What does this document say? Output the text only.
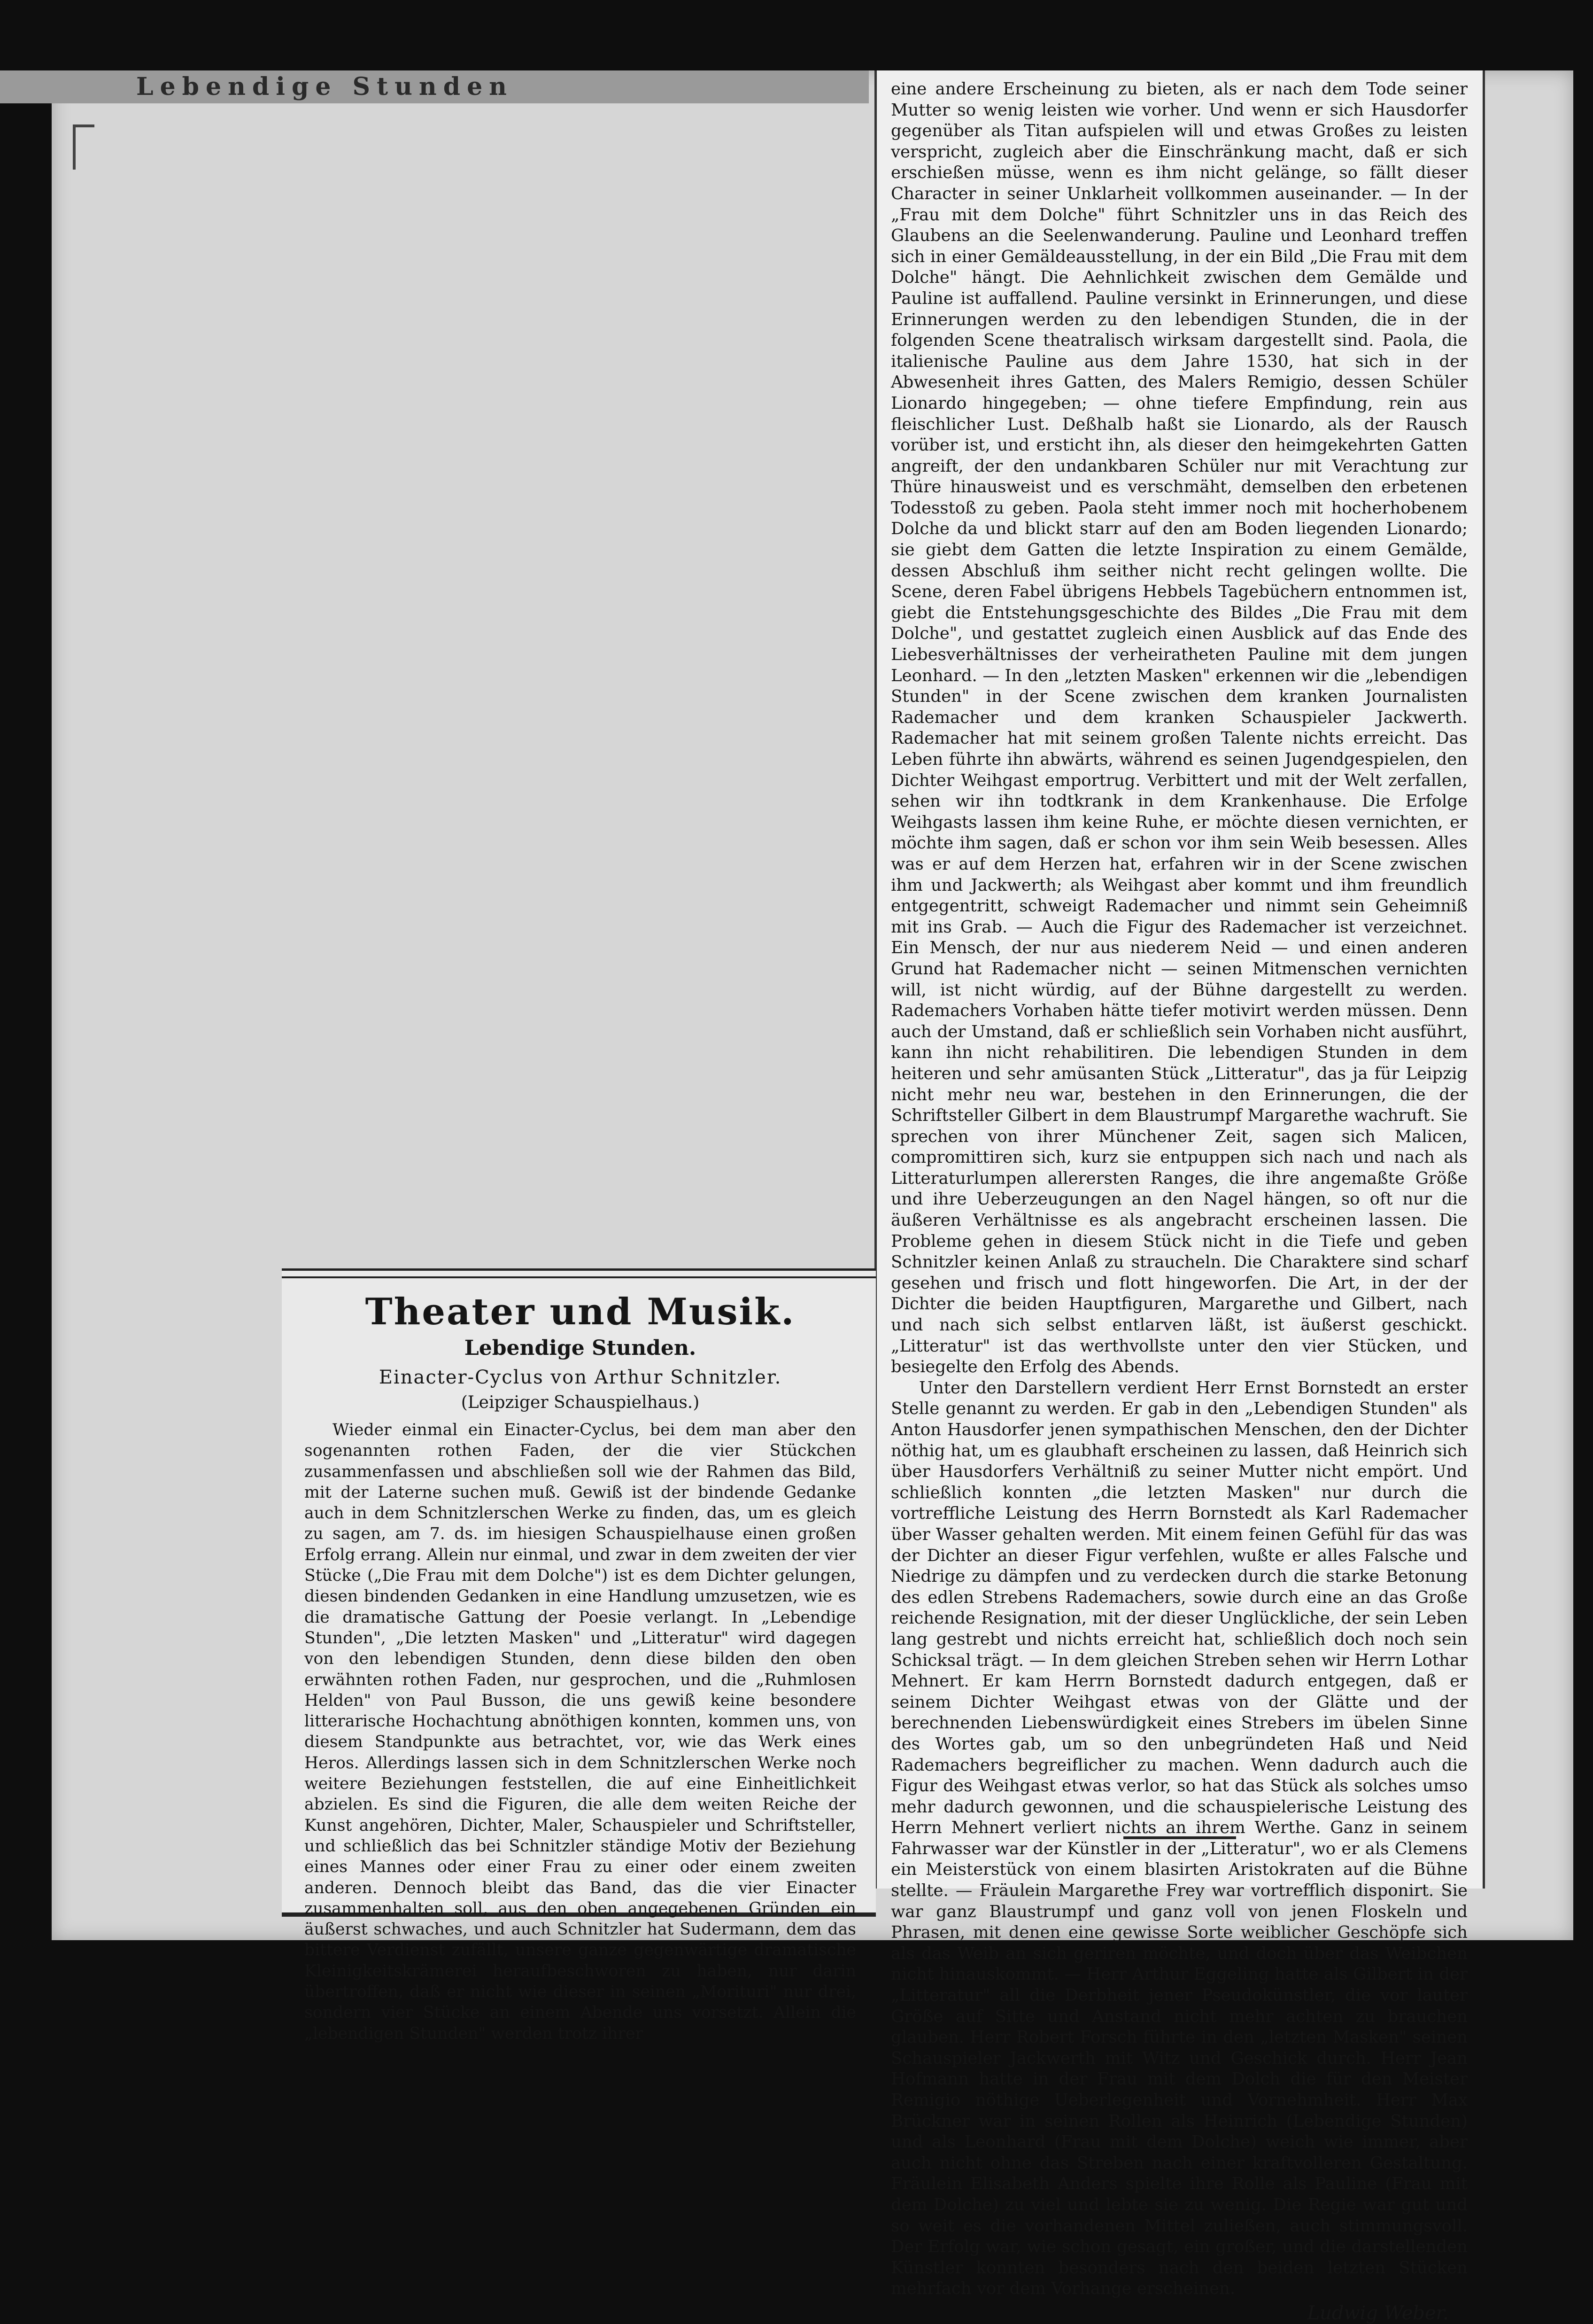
Lebendige Stunden	eine andere Erscheinung zu bieten, als er nach dem Tode seiner Mutter so wenig leisten wie vorher. Und wenn er sich Hausdorfer gegenüber als Titan aufspielen will und etwas Großes zu leisten verspricht, zugleich aber die Einschränkung macht, daß er sich erschießen müsse, wenn es ihm nicht gelänge, so fällt dieser Character in seiner Unklarheit vollkommen auseinander. — In der „Frau mit dem Dolche" führt Schnitzler uns in das Reich des Glaubens an die Seelenwanderung. Pauline und Leonhard treffen sich in einer Gemäldeausstellung, in der ein Bild „Die Frau mit dem Dolche" hängt. Die Aehnlichkeit zwischen dem Gemälde und Pauline ist auffallend. Pauline versinkt in Erinnerungen, und diese Erinnerungen werden zu den lebendigen Stunden, die in der folgenden Scene theatralisch wirksam dargestellt sind. Paola, die italienische Pauline aus dem Jahre 1530, hat sich in der Abwesenheit ihres Gatten, des Malers Remigio, dessen Schüler Lionardo hingegeben; — ohne tiefere Empfindung, rein aus fleischlicher Lust. Deßhalb haßt sie Lionardo, als der Rausch vorüber ist, und ersticht ihn, als dieser den heimgekehrten Gatten angreift, der den undankbaren Schüler nur mit Verachtung zur Thüre hinausweist und es verschmäht, demselben den erbetenen Todesstoß zu geben. Paola steht immer noch mit hocherhobenem Dolche da und blickt starr auf den am Boden liegenden Lionardo; sie giebt dem Gatten die letzte Inspiration zu einem Gemälde, dessen Abschluß ihm seither nicht recht gelingen wollte. Die Scene, deren Fabel übrigens Hebbels Tagebüchern entnommen ist, giebt die Entstehungsgeschichte des Bildes „Die Frau mit dem Dolche", und gestattet zugleich einen Ausblick auf das Ende des Liebesverhältnisses der verheiratheten Pauline mit dem jungen Leonhard. — In den „letzten Masken" erkennen wir die „lebendigen Stunden" in der Scene zwischen dem kranken Journalisten Rademacher und dem kranken Schauspieler Jackwerth. Rademacher hat mit seinem großen Talente nichts erreicht. Das Leben führte ihn abwärts, während es seinen Jugendgespielen, den Dichter Weihgast emportrug. Verbittert und mit der Welt zerfallen, sehen wir ihn todtkrank in dem Krankenhause. Die Erfolge Weihgasts lassen ihm keine Ruhe, er möchte diesen vernichten, er möchte ihm sagen, daß er schon vor ihm sein Weib besessen. Alles was er auf dem Herzen hat, erfahren wir in der Scene zwischen ihm und Jackwerth; als Weihgast aber kommt und ihm freundlich entgegentritt, schweigt Rademacher und nimmt sein Geheimniß mit ins Grab. — Auch die Figur des Rademacher ist verzeichnet. Ein Mensch, der nur aus niederem Neid — und einen anderen Grund hat Rademacher nicht — seinen Mitmenschen vernichten will, ist nicht würdig, auf der Bühne dargestellt zu werden. Rademachers Vorhaben hätte tiefer motivirt werden müssen. Denn auch der Umstand, daß er schließlich sein Vorhaben nicht ausführt, kann ihn nicht rehabilitiren. Die lebendigen Stunden in dem heiteren und sehr amüsanten Stück „Litteratur", das ja für Leipzig nicht mehr neu war, bestehen in den Erinnerungen, die der Schriftsteller Gilbert in dem Blaustrumpf Margarethe wachruft. Sie sprechen von ihrer Münchener Zeit, sagen sich Malicen, compromittiren sich, kurz sie entpuppen sich nach und nach als Litteraturlumpen allerersten Ranges, die ihre angemaßte Größe und ihre Ueberzeugungen an den Nagel hängen, so oft nur die äußeren Verhältnisse es als angebracht erscheinen lassen. Die Probleme gehen in diesem Stück nicht in die Tiefe und geben Schnitzler keinen Anlaß zu straucheln. Die Charaktere sind scharf gesehen und frisch und flott hingeworfen. Die Art, in der der Dichter die beiden Hauptfiguren, Margarethe und Gilbert, nach und nach sich selbst entlarven läßt, ist äußerst geschickt. „Litteratur" ist das werthvollste unter den vier Stücken, und besiegelte den Erfolg des Abends.

Unter den Darstellern verdient Herr Ernst Bornstedt an erster Stelle genannt zu werden. Er gab in den „Lebendigen Stunden" als Anton Hausdorfer jenen sympathischen Menschen, den der Dichter nöthig hat, um es glaubhaft erscheinen zu lassen, daß Heinrich sich über Hausdorfers Verhältniß zu seiner Mutter nicht empört. Und schließlich konnten „die letzten Masken" nur durch die vortreffliche Leistung des Herrn Bornstedt als Karl Rademacher über Wasser gehalten werden. Mit einem feinen Gefühl für das was der Dichter an dieser Figur verfehlen, wußte er alles Falsche und Niedrige zu dämpfen und zu verdecken durch die starke Betonung des edlen Strebens Rademachers, sowie durch eine an das Große reichende Resignation, mit der dieser Unglückliche, der sein Leben lang gestrebt und nichts erreicht hat, schließlich doch noch sein Schicksal trägt. — In dem gleichen Streben sehen wir Herrn Lothar Mehnert. Er kam Herrn Bornstedt dadurch entgegen, daß er seinem Dichter Weihgast etwas von der Glätte und der berechnenden Liebenswürdigkeit eines Strebers im übelen Sinne des Wortes gab, um so den unbegründeten Haß und Neid Rademachers begreiflicher zu machen. Wenn dadurch auch die Figur des Weihgast etwas verlor, so hat das Stück als solches umso mehr dadurch gewonnen, und die schauspielerische Leistung des Herrn Mehnert verliert nichts an ihrem Werthe. Ganz in seinem Fahrwasser war der Künstler in der „Litteratur", wo er als Clemens ein Meisterstück von einem blasirten Aristokraten auf die Bühne stellte. — Fräulein Margarethe Frey war vortrefflich disponirt. Sie war ganz Blaustrumpf und ganz voll von jenen Floskeln und Phrasen, mit denen eine gewisse Sorte weiblicher Geschöpfe sich als das Weib an sich geriren möchte, und doch über das Weibchen nicht hinauskommt. — Herr Arthur Eggeling hatte als Gilbert in der „Litteratur" all die Derbheit jener Pseudokünstler, die vor lauter Größe auf Sitte und Anstand nicht mehr achten zu brauchen glauben. Herr Robert Forsch führte in den „letzten Masken" seinen Schauspieler Jackwerth mit Witz und Geschick durch. Herr Jean Hofmann hatte in der Frau mit dem Dolch die für den Meister Remigio nöthige Ueberlegenheit und Vornehmheit. Herr Max Brückner war in seinen Rollen als Heinrich (Lebendige Stunden) und als Leonhard (Frau mit dem Dolche) weich wie immer, aber auch nicht ohne das Streben nach einer kraftvolleren Gestaltung. Fräulein Elisabeth Anders spielte ihre Rolle als Pauline (Frau mit dem Dolche) zu viel und lebte sie zu wenig. Die Regie war gut und so weit es die vorhandenen Mittel zuließen, auch stimmungsvoll. Der Erfolg war, wie schon gesagt, ein großer, und die darstellenden Künstler konnten besonders nach den beiden letzten Stücken mehrfach vor dem Vorhange erscheinen.

Ludwig Weber.
Theater und Musik.
Lebendige Stunden.
Einacter-Cyclus von Arthur Schnitzler.
(Leipziger Schauspielhaus.)

Wieder einmal ein Einacter-Cyclus, bei dem man aber den sogenannten rothen Faden, der die vier Stückchen zusammenfassen und abschließen soll wie der Rahmen das Bild, mit der Laterne suchen muß. Gewiß ist der bindende Gedanke auch in dem Schnitzlerschen Werke zu finden, das, um es gleich zu sagen, am 7. ds. im hiesigen Schauspielhause einen großen Erfolg errang. Allein nur einmal, und zwar in dem zweiten der vier Stücke („Die Frau mit dem Dolche") ist es dem Dichter gelungen, diesen bindenden Gedanken in eine Handlung umzusetzen, wie es die dramatische Gattung der Poesie verlangt. In „Lebendige Stunden", „Die letzten Masken" und „Litteratur" wird dagegen von den lebendigen Stunden, denn diese bilden den oben erwähnten rothen Faden, nur gesprochen, und die „Ruhmlosen Helden" von Paul Busson, die uns gewiß keine besondere litterarische Hochachtung abnöthigen konnten, kommen uns, von diesem Standpunkte aus betrachtet, vor, wie das Werk eines Heros. Allerdings lassen sich in dem Schnitzlerschen Werke noch weitere Beziehungen feststellen, die auf eine Einheitlichkeit abzielen. Es sind die Figuren, die alle dem weiten Reiche der Kunst angehören, Dichter, Maler, Schauspieler und Schriftsteller, und schließlich das bei Schnitzler ständige Motiv der Beziehung eines Mannes oder einer Frau zu einer oder einem zweiten anderen. Dennoch bleibt das Band, das die vier Einacter zusammenhalten soll, aus den oben angegebenen Gründen ein äußerst schwaches, und auch Schnitzler hat Sudermann, dem das bittere Verdienst zufällt, unsere ganze gegenwärtige dramatische Kleinigkeitskrämerei heraufbeschworen zu haben, nur darin übertroffen, daß er nicht wie dieser in seinen „Morituri" nur drei, sondern vier Stücke an einem Abende uns vorsetzt. Allein die „lebendigen Stunden" werden trotz ihrer
